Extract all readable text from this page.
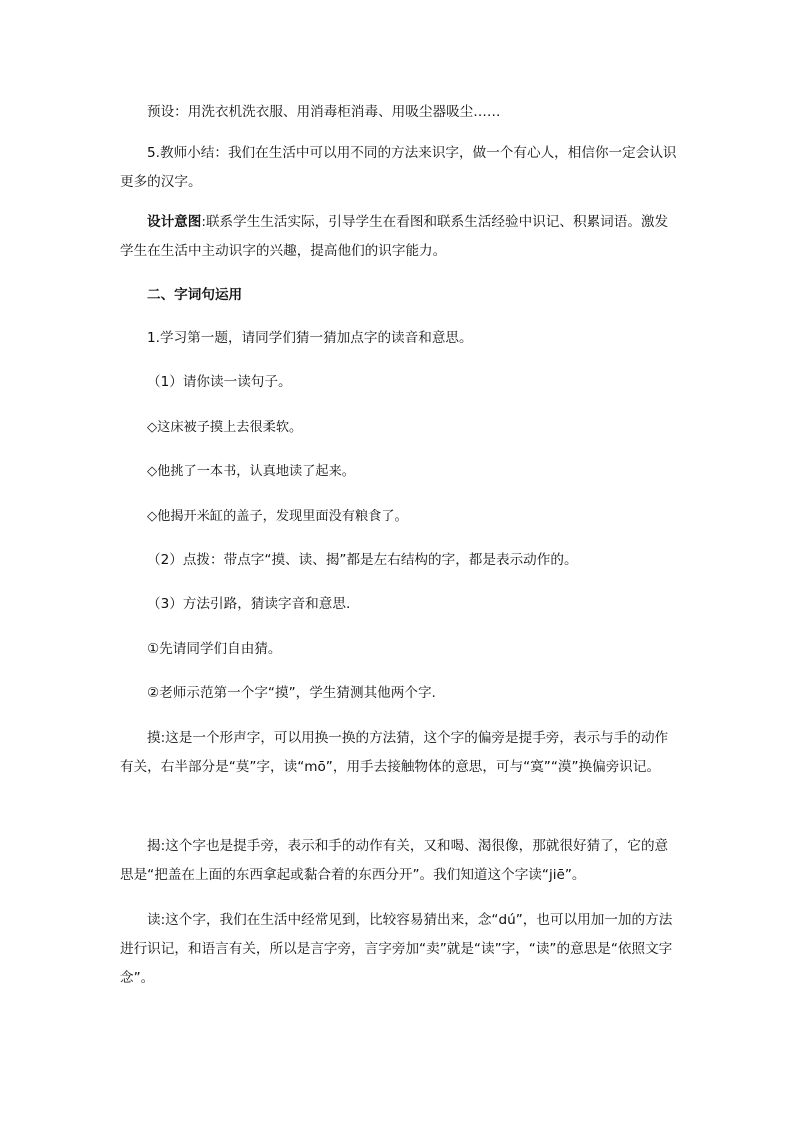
预设：用洗衣机洗衣服、用消毒柜消毒、用吸尘器吸尘……

5.教师小结：我们在生活中可以用不同的方法来识字，做一个有心人，相信你一定会认识更多的汉字。

设计意图:联系学生生活实际，引导学生在看图和联系生活经验中识记、积累词语。激发学生在生活中主动识字的兴趣，提高他们的识字能力。

二、字词句运用

1.学习第一题，请同学们猜一猜加点字的读音和意思。

（1）请你读一读句子。

◇这床被子摸上去很柔软。

◇他挑了一本书，认真地读了起来。

◇他揭开米缸的盖子，发现里面没有粮食了。

（2）点拨：带点字“摸、读、揭”都是左右结构的字，都是表示动作的。

（3）方法引路，猜读字音和意思.

①先请同学们自由猜。

②老师示范第一个字“摸”，学生猜测其他两个字.

摸:这是一个形声字，可以用换一换的方法猜，这个字的偏旁是提手旁，表示与手的动作有关，右半部分是“莫”字，读“mō”，用手去接触物体的意思，可与“寞”“漠”换偏旁识记。

揭:这个字也是提手旁，表示和手的动作有关，又和喝、渴很像，那就很好猜了，它的意思是“把盖在上面的东西拿起或黏合着的东西分开”。我们知道这个字读“jiē”。

读:这个字，我们在生活中经常见到，比较容易猜出来，念“dú”，也可以用加一加的方法进行识记，和语言有关，所以是言字旁，言字旁加“卖”就是“读”字，“读”的意思是“依照文字念”。
